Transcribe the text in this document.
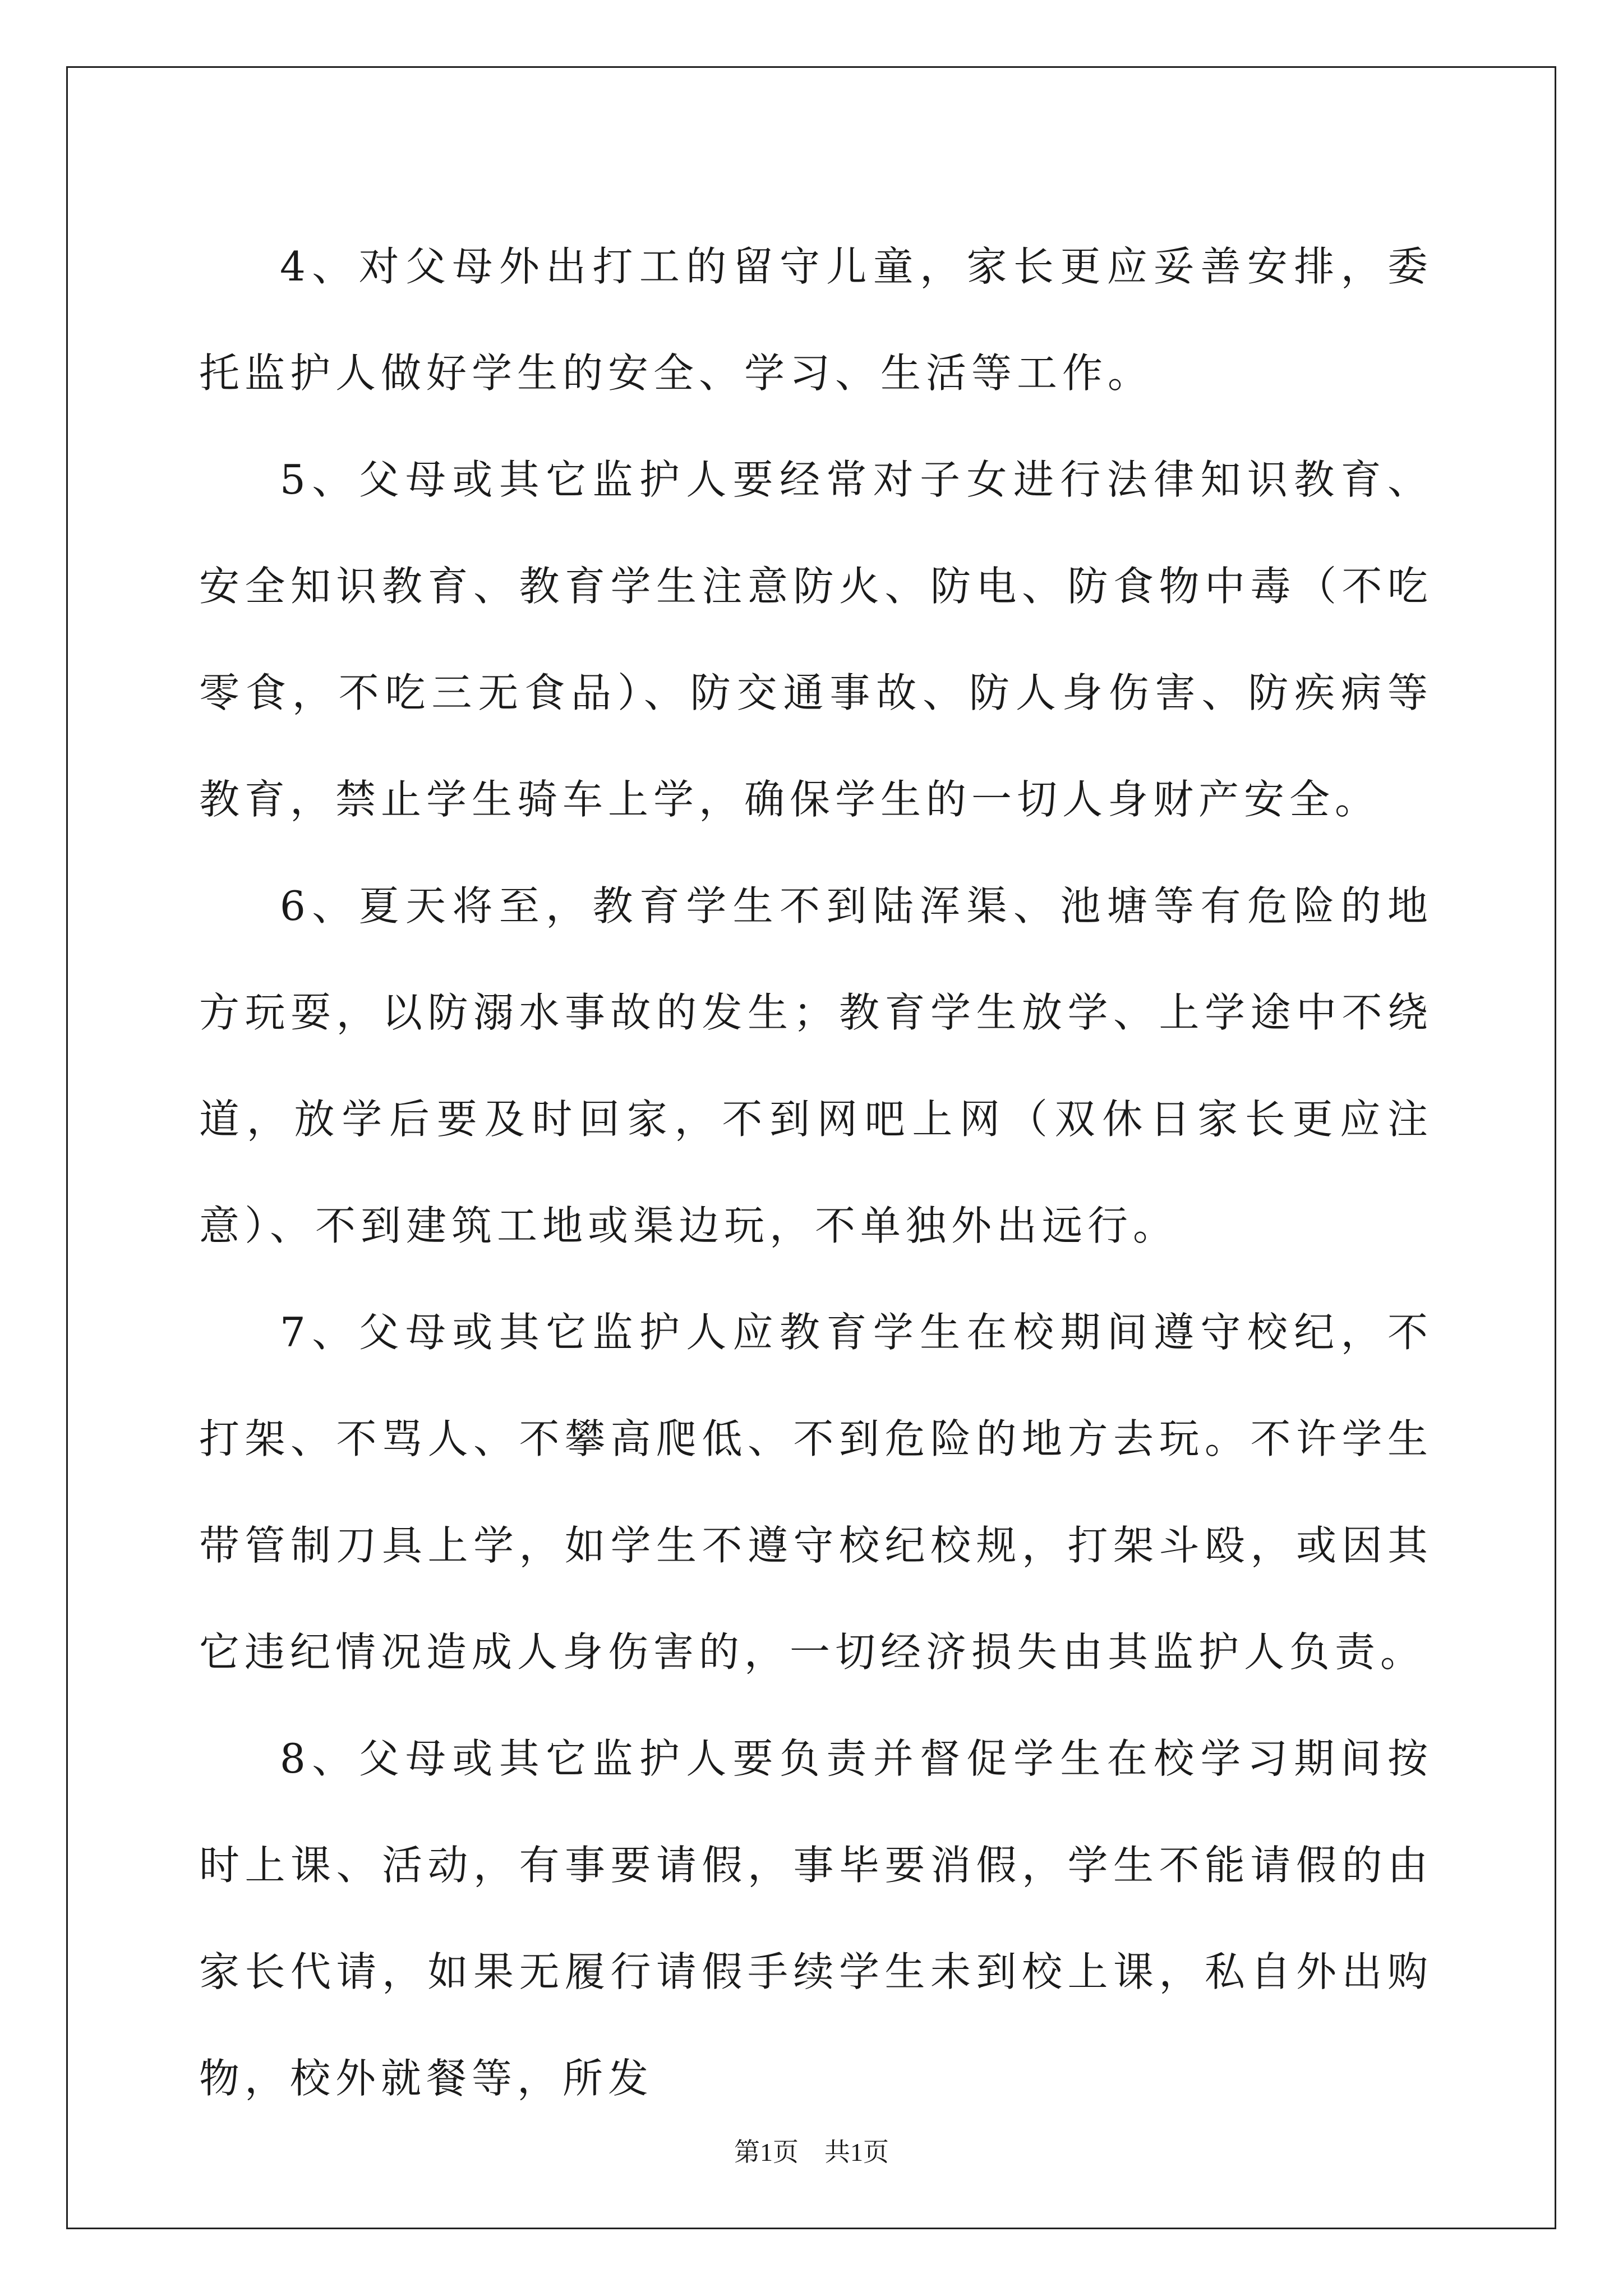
4、对父母外出打工的留守儿童，家长更应妥善安排，委托监护人做好学生的安全、学习、生活等工作。

5、父母或其它监护人要经常对子女进行法律知识教育、安全知识教育、教育学生注意防火、防电、防食物中毒（不吃零食，不吃三无食品）、防交通事故、防人身伤害、防疾病等教育，禁止学生骑车上学，确保学生的一切人身财产安全。

6、夏天将至，教育学生不到陆浑渠、池塘等有危险的地方玩耍，以防溺水事故的发生；教育学生放学、上学途中不绕道，放学后要及时回家，不到网吧上网（双休日家长更应注意）、不到建筑工地或渠边玩，不单独外出远行。

7、父母或其它监护人应教育学生在校期间遵守校纪，不打架、不骂人、不攀高爬低、不到危险的地方去玩。不许学生带管制刀具上学，如学生不遵守校纪校规，打架斗殴，或因其它违纪情况造成人身伤害的，一切经济损失由其监护人负责。

8、父母或其它监护人要负责并督促学生在校学习期间按时上课、活动，有事要请假，事毕要消假，学生不能请假的由家长代请，如果无履行请假手续学生未到校上课，私自外出购物，校外就餐等，所发

第1页　共1页
